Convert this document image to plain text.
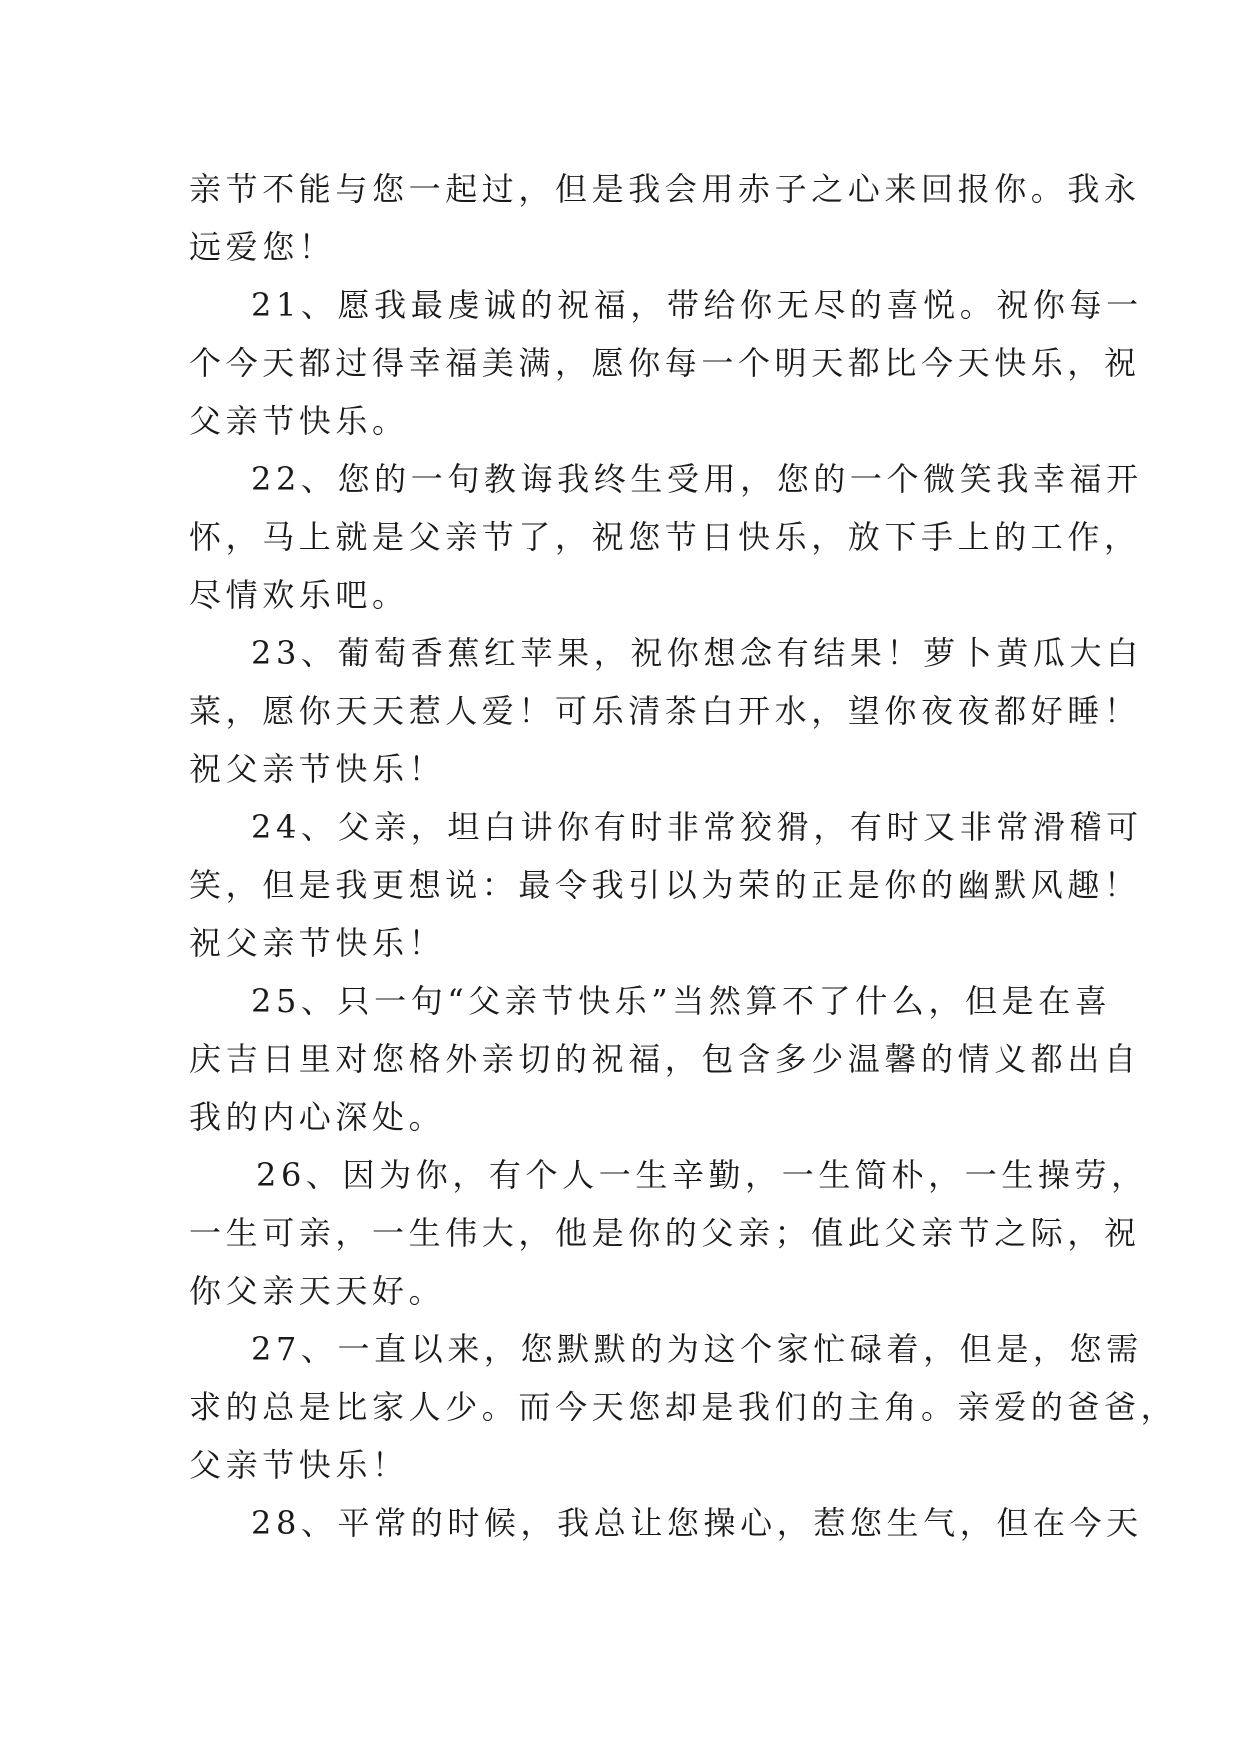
亲节不能与您一起过，但是我会用赤子之心来回报你。我永
远爱您！
21、愿我最虔诚的祝福，带给你无尽的喜悦。祝你每一
个今天都过得幸福美满，愿你每一个明天都比今天快乐，祝
父亲节快乐。
22、您的一句教诲我终生受用，您的一个微笑我幸福开
怀，马上就是父亲节了，祝您节日快乐，放下手上的工作，
尽情欢乐吧。
23、葡萄香蕉红苹果，祝你想念有结果！萝卜黄瓜大白
菜，愿你天天惹人爱！可乐清茶白开水，望你夜夜都好睡！
祝父亲节快乐！
24、父亲，坦白讲你有时非常狡猾，有时又非常滑稽可
笑，但是我更想说：最令我引以为荣的正是你的幽默风趣！
祝父亲节快乐！
25、只一句“父亲节快乐”当然算不了什么，但是在喜
庆吉日里对您格外亲切的祝福，包含多少温馨的情义都出自
我的内心深处。
26、因为你，有个人一生辛勤，一生简朴，一生操劳，
一生可亲，一生伟大，他是你的父亲；值此父亲节之际，祝
你父亲天天好。
27、一直以来，您默默的为这个家忙碌着，但是，您需
求的总是比家人少。而今天您却是我们的主角。亲爱的爸爸，
父亲节快乐！
28、平常的时候，我总让您操心，惹您生气，但在今天
